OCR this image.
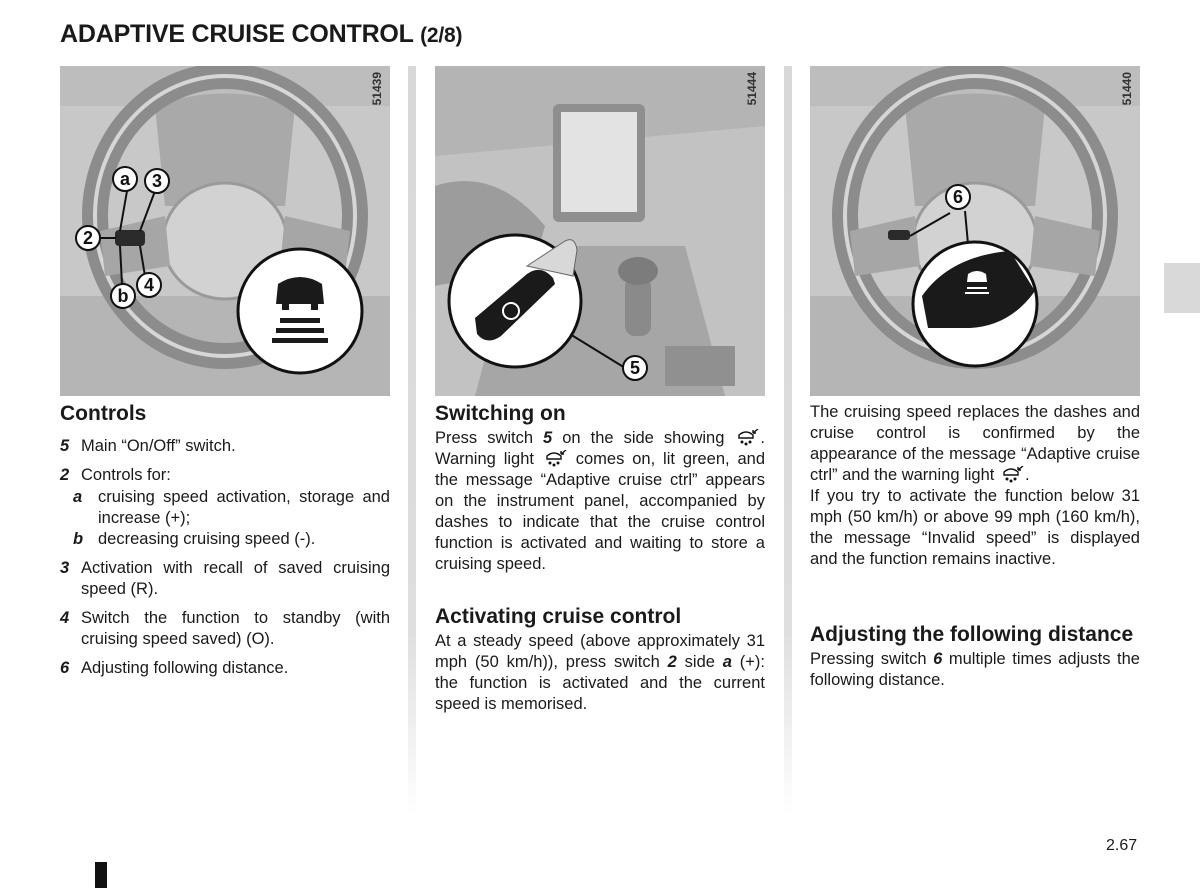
ADAPTIVE CRUISE CONTROL (2/8)
2.67
51439
a	3
2
4
b
51444
5
51440
6
Controls
5 Main “On/Off” switch.
2 Controls for:
a cruising speed activation, storage and increase (+);
b decreasing cruising speed (-).
3 Activation with recall of saved cruising speed (R).
4 Switch the function to standby (with cruising speed saved) (O).
6 Adjusting following distance.
Switching on

Press switch 5 on the side showing . Warning light  comes on, lit green, and the message “Adaptive cruise ctrl” appears on the instrument panel, accompanied by dashes to indicate that the cruise control function is activated and waiting to store a cruising speed.

Activating cruise control

At a steady speed (above approximately 31 mph (50 km/h)), press switch 2 side a (+): the function is activated and the current speed is memorised.

The cruising speed replaces the dashes and cruise control is confirmed by the appearance of the message “Adaptive cruise ctrl” and the warning light .

If you try to activate the function below 31 mph (50 km/h) or above 99 mph (160 km/h), the message “Invalid speed” is displayed and the function remains inactive.

Adjusting the following distance

Pressing switch 6 multiple times adjusts the following distance.
